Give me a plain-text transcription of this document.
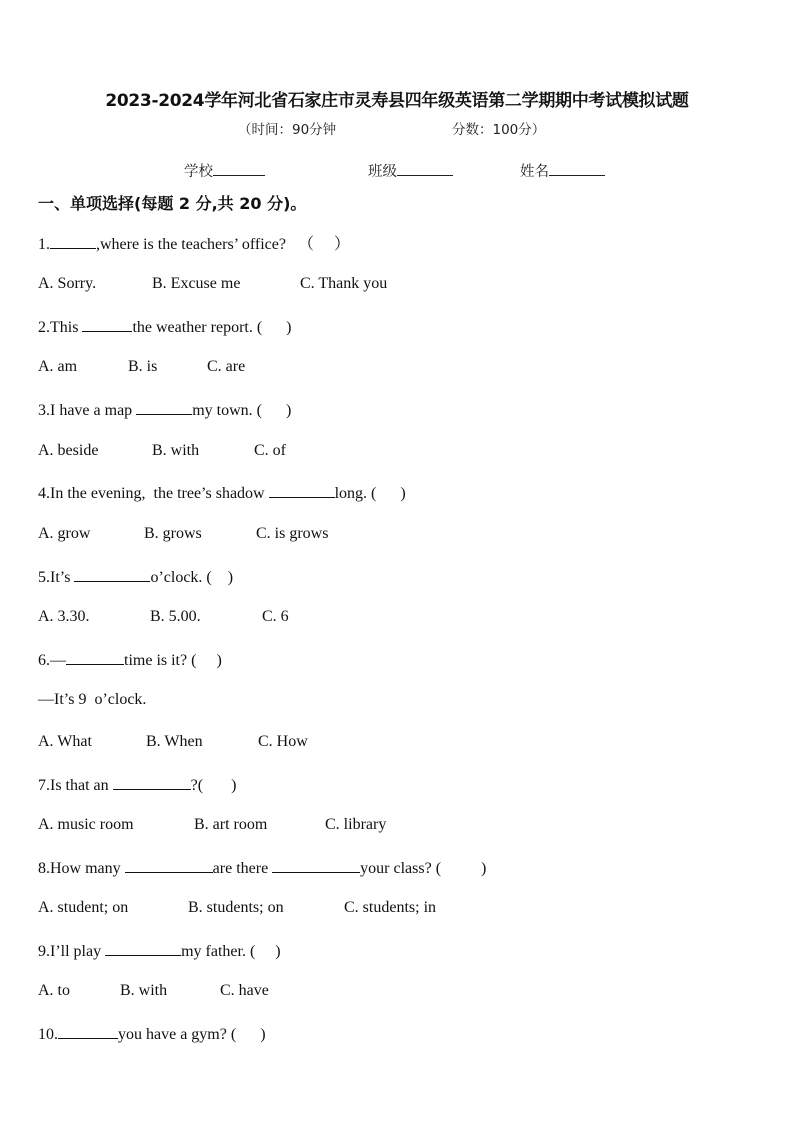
2023-2024学年河北省石家庄市灵寿县四年级英语第二学期期中考试模拟试题
（时间：90分钟	分数：100分）
学校	班级	姓名
一、单项选择(每题 2 分,共 20 分)。
1.	,where is the teachers’ office? （     ）
A. Sorry.	B. Excuse me	C. Thank you
2.This	the weather report. (      )
A. am	B. is	C. are
3.I have a map	my town. (      )
A. beside	B. with	C. of
4.In the evening,  the tree’s shadow	long. (      )
A. grow	B. grows	C. is grows
5.It’s	o’clock. (    )
A. 3.30.	B. 5.00.	C. 6
6.—	time is it? (     )
—It’s 9  o’clock.
A. What	B. When	C. How
7.Is that an	?(       )
A. music room	B. art room	C. library
8.How many	are there	your class? (          )
A. student; on	B. students; on	C. students; in
9.I’ll play	my father. (     )
A. to	B. with	C. have
10.	you have a gym? (      )
